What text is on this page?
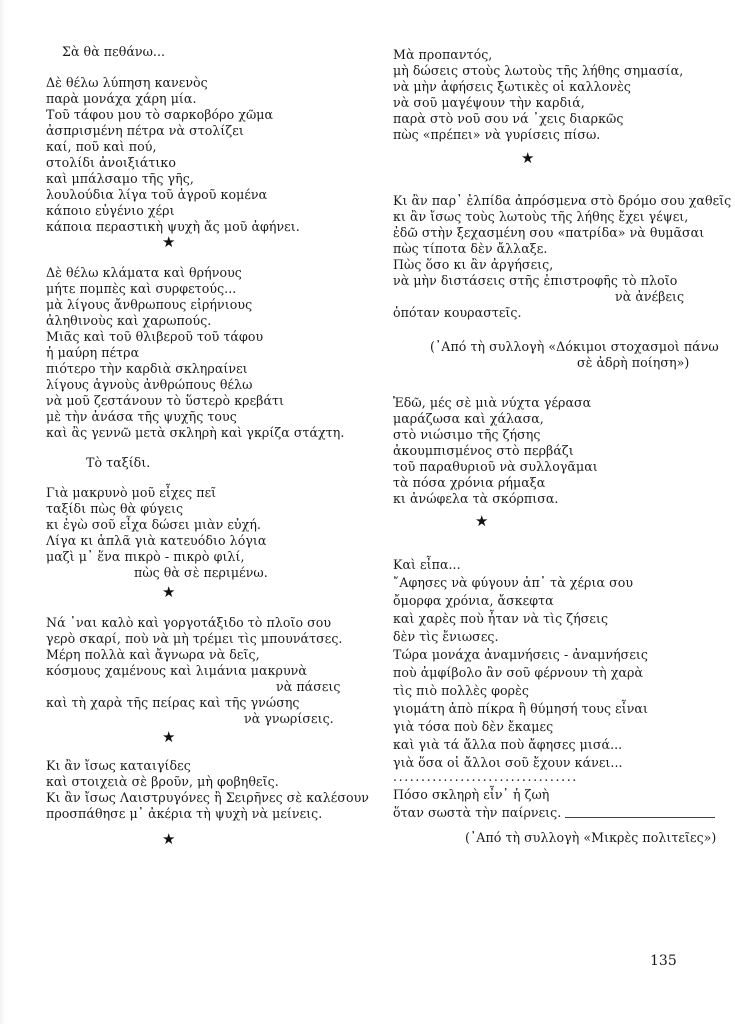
Σὰ θὰ πεθάνω...
Δὲ θέλω λύπηση κανενὸς
παρὰ μονάχα χάρη μία.
Τοῦ τάφου μου τὸ σαρκοβόρο χῶμα
ἀσπρισμένη πέτρα νὰ στολίζει
καί, ποῦ καὶ πού,
στολίδι ἀνοιξιάτικο
καὶ μπάλσαμο τῆς γῆς,
λουλούδια λίγα τοῦ ἀγροῦ κομένα
κάποιο εὐγένιο χέρι
κάποια περαστικὴ ψυχὴ ἄς μοῦ ἀφήνει.
★
Δὲ θέλω κλάματα καὶ θρήνους
μήτε πομπὲς καὶ συρφετούς...
μὰ λίγους ἄνθρωπους εἰρήνιους
ἀληθινοὺς καὶ χαρωπούς.
Μιᾶς καὶ τοῦ θλιβεροῦ τοῦ τάφου
ἡ μαύρη πέτρα
πιότερο τὴν καρδιὰ σκληραίνει
λίγους ἁγνοὺς ἀνθρώπους θέλω
νὰ μοῦ ζεστάνουν τὸ ὕστερὸ κρεβάτι
μὲ τὴν ἀνάσα τῆς ψυχῆς τους
καὶ ἂς γεννῶ μετὰ σκληρὴ καὶ γκρίζα στάχτη.
Τὸ ταξίδι.
Γιὰ μακρυνὸ μοῦ εἶχες πεῖ
ταξίδι πὼς θὰ φύγεις
κι ἐγὼ σοῦ εἶχα δώσει μιὰν εὐχή.
Λίγα κι ἁπλᾶ γιὰ κατευόδιο λόγια
μαζὶ μ᾽ ἕνα πικρὸ - πικρὸ φιλί,
πὼς θὰ σὲ περιμένω.
★
Νά ᾽ναι καλὸ καὶ γοργοτάξιδο τὸ πλοῖο σου
γερὸ σκαρί, ποὺ νὰ μὴ τρέμει τὶς μπουνάτσες.
Μέρη πολλὰ καὶ ἄγνωρα νὰ δεῖς,
κόσμους χαμένους καὶ λιμάνια μακρυνὰ
νὰ πάσεις
καὶ τὴ χαρὰ τῆς πείρας καὶ τῆς γνώσης
νὰ γνωρίσεις.
★
Κι ἂν ἴσως καταιγίδες
καὶ στοιχειὰ σὲ βροῦν, μὴ φοβηθεῖς.
Κι ἂν ἴσως Λαιστρυγόνες ἢ Σειρῆνες σὲ καλέσουν
προσπάθησε μ᾽ ἀκέρια τὴ ψυχὴ νὰ μείνεις.
★
Μὰ προπαντός,
μὴ δώσεις στοὺς λωτοὺς τῆς λήθης σημασία,
νὰ μὴν ἀφήσεις ξωτικὲς οἱ καλλονὲς
νὰ σοῦ μαγέψουν τὴν καρδιά,
παρὰ στὸ νοῦ σου νά ᾽χεις διαρκῶς
πὼς «πρέπει» νὰ γυρίσεις πίσω.
★
Κι ἂν παρ᾽ ἐλπίδα ἀπρόσμενα στὸ δρόμο σου χαθεῖς
κι ἂν ἴσως τοὺς λωτοὺς τῆς λήθης ἔχει γέψει,
ἐδῶ στὴν ξεχασμένη σου «πατρίδα» νὰ θυμᾶσαι
πὼς τίποτα δὲν ἄλλαξε.
Πὼς ὅσο κι ἂν ἀργήσεις,
νὰ μὴν διστάσεις στῆς ἐπιστροφῆς τὸ πλοῖο
νὰ ἀνέβεις
ὁπόταν κουραστεῖς.
(᾽Από τὴ συλλογὴ «Δόκιμοι στοχασμοὶ πάνω
σὲ ἀδρὴ ποίηση»)
Ἐδῶ, μές σὲ μιὰ νύχτα γέρασα
μαράζωσα καὶ χάλασα,
στὸ νιώσιμο τῆς ζήσης
ἀκουμπισμένος στὸ περβάζι
τοῦ παραθυριοῦ νὰ συλλογᾶμαι
τὰ πόσα χρόνια ρήμαξα
κι ἀνώφελα τὰ σκόρπισα.
★
Καὶ εἶπα...
῎Αφησες νὰ φύγουν ἀπ᾽ τὰ χέρια σου
ὄμορφα χρόνια, ἄσκεφτα
καὶ χαρὲς ποὺ ἦταν νὰ τὶς ζήσεις
δὲν τὶς ἔνιωσες.
Τώρα μονάχα ἀναμνήσεις - ἀναμνήσεις
ποὺ ἀμφίβολο ἂν σοῦ φέρνουν τὴ χαρὰ
τὶς πιὸ πολλὲς φορὲς
γιομάτη ἀπὸ πίκρα ἢ θύμησή τους εἶναι
γιὰ τόσα ποὺ δὲν ἔκαμες
καὶ γιὰ τά ἄλλα ποὺ ἄφησες μισά...
γιὰ ὅσα οἱ ἄλλοι σοῦ ἔχουν κάνει...
.................................
Πόσο σκληρὴ εἶν᾽ ἡ ζωὴ
ὅταν σωστὰ τὴν παίρνεις.
(᾽Από τὴ συλλογὴ «Μικρὲς πολιτεῖες»)
135
